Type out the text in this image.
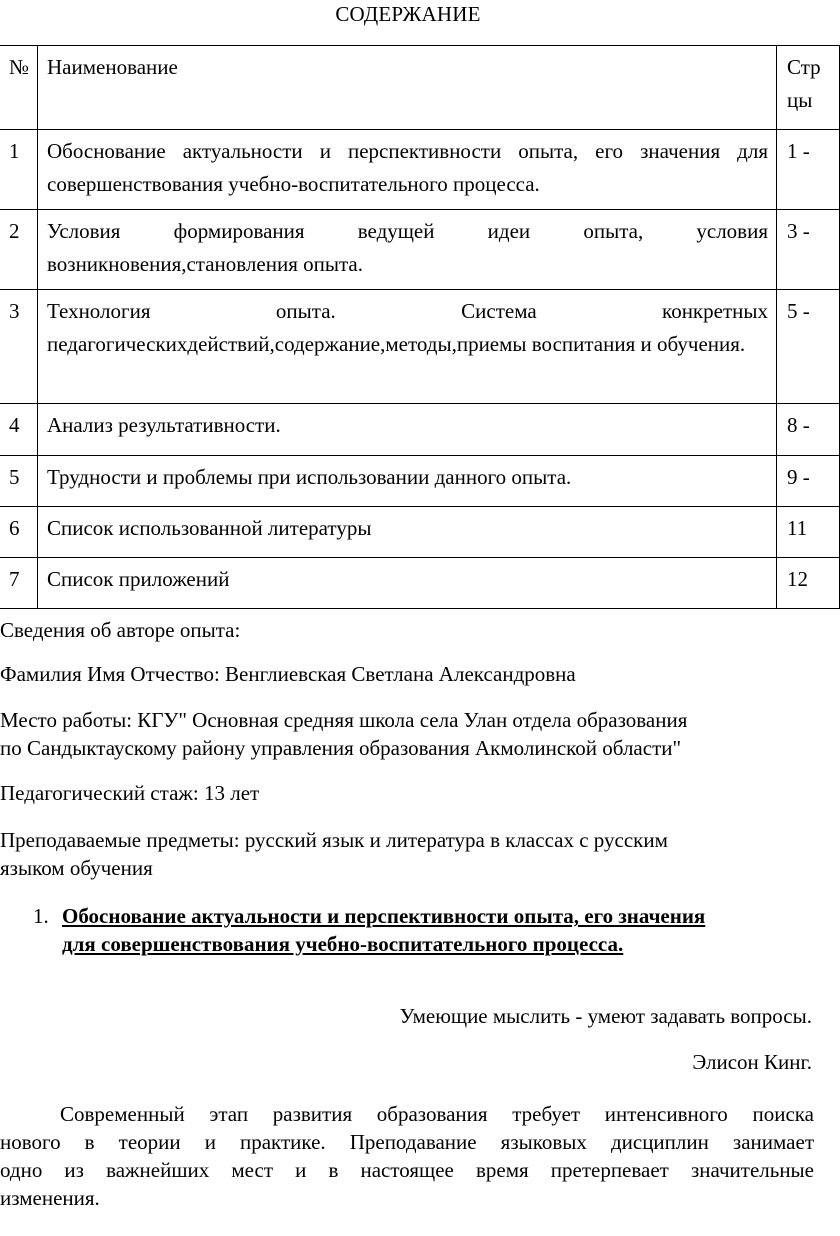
СОДЕРЖАНИЕ
№	Наименование	Стр
цы

1	Обоснование актуальности и перспективности опыта, его значения для совершенствования учебно-воспитательного процесса.	1 -
2	Условия формирования ведущей идеи опыта, условия возникновения,становления опыта.	3 -
3	Технология опыта. Система конкретных педагогическихдействий,содержание,методы,приемы воспитания и обучения.	5 -
4	Анализ результативности.	8 -
5	Трудности и проблемы при использовании данного опыта.	9 -
6	Список использованной литературы	11
7	Список приложений	12
Сведения об авторе опыта:
Фамилия Имя Отчество: Венглиевская Светлана Александровна
Место работы: КГУ" Основная средняя школа села Улан отдела образования
по Сандыктаускому району управления образования Акмолинской области"
Педагогический стаж: 13 лет
Преподаваемые предметы: русский язык и литература в классах с русским
языком обучения
1. Обоснование актуальности и перспективности опыта, его значения
для совершенствования учебно-воспитательного процесса.
Умеющие мыслить - умеют задавать вопросы.
Элисон Кинг.
Современный этап развития образования требует интенсивного поиска
нового в теории и практике. Преподавание языковых дисциплин занимает
одно из важнейших мест и в настоящее время претерпевает значительные
изменения.
